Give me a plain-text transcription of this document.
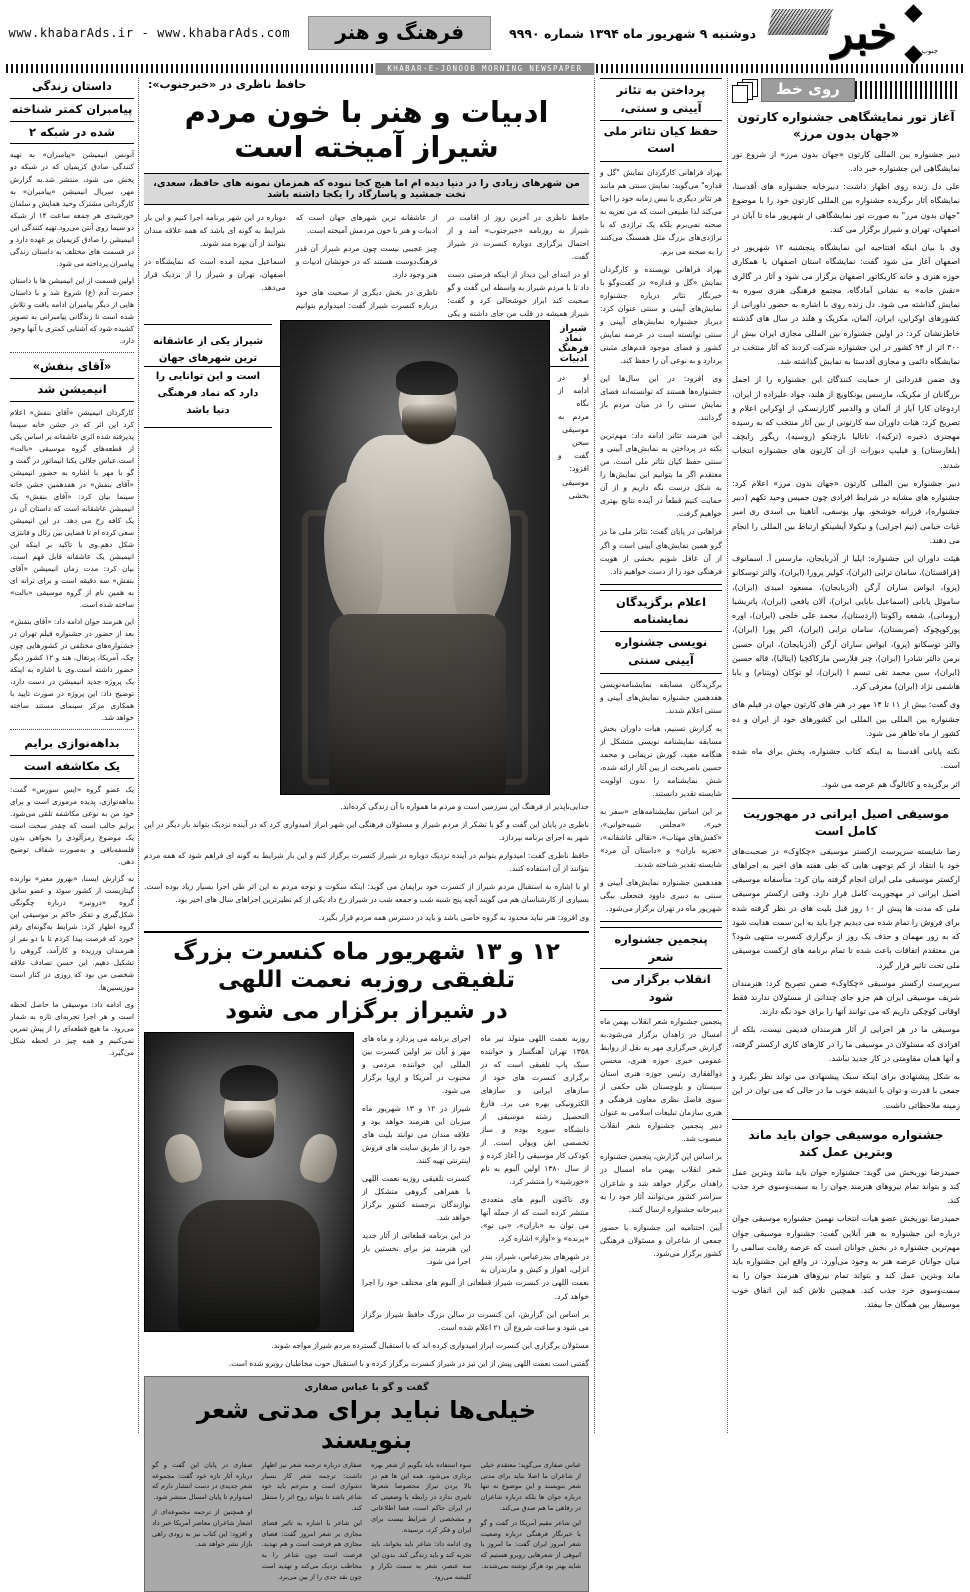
خبر	جنوب
دوشنبه ۹ شهریور ماه ۱۳۹۴ شماره ۹۹۹۰
فرهنگ و هنر
www.khabarAds.ir - www.khabarAds.com
KHABAR-E-JONOOB MORNING NEWSPAPER
روی خط
آغاز تور نمایشگاهی جشنواره کارتون «جهان بدون مرز»

دبیر جشنواره بین المللی کارتون «جهان بدون مرز» از شروع تور نمایشگاهی این جشنواره خبر داد.

علی دل زنده روی اظهار داشت: دبیرخانه جشنواره های آقدستا، نمایشگاه آثار برگزیده جشنواره بین المللی کارتون خود را با موضوع "جهان بدون مرز" به صورت تور نمایشگاهی از شهریور ماه تا آبان در اصفهان، تهران و شیراز برگزار می کند.

وی با بیان اینکه افتتاحیه این نمایشگاه پنجشنبه ۱۲ شهریور در اصفهان آغاز می شود گفت: نمایشگاه استان اصفهان با همکاری حوزه هنری و خانه کاریکاتور اصفهان برگزار می شود و آثار در گالری «نقش خانه» به نشانی آمادگاه، مجتمع فرهنگی هنری سوره به نمایش گذاشته می شود. دل زنده روی با اشاره به حضور داورانی از کشورهای اوکراین، ایران، آلمان، مکزیک و هلند در سال های گذشته خاطرنشان کرد: در اولین جشنواره بین المللی مجازی ایران بیش از ۳۰۰ اثر از ۹۴ کشور در این جشنواره شرکت کردند که آثار منتخب در نمایشگاه دائمی و مجازی آقدستا به نمایش گذاشته شد.

وی ضمن قدردانی از حمایت کنندگان این جشنواره را از اجمل بزرگانان از مکریک، مارسس یونکاویچ از هلند، جواد علیزاده از ایران، اردوغان کارا آیاز از آلمان و والدمیر گازارنسکی از اوکراین اعلام و تصریح کرد: هیات داوران سه کارتونی از بین آثار منتخب که به رسیده مهجتری ذخیره (ترکیه)، ناتالیا بارچنکو (روسیه)، ریگور رایچف (بلغارستان) و فیلیپ دیورات از آن کارتون های جشنواره انتخاب شدند.

دبیر جشنواره بین المللی کارتون «جهان بدون مرز» اعلام کرد: جشنواره های مشابه در شرایط افرادی چون جمیس وحید تکهم (دبیر جشنواره)، فرزانه خوشخو، بهار یوسفی، آناهیتا بی اسدی ری امیر غیاث خیامی (تیم اجرایی) و نیکولا آیشینکو ارتباط بین المللی را انجام می دهند.

هیئت داوران این جشنواره: ایلیا از آذربایجان، مارسس آ. اسمانوف (قزاقستان)، سامان ترابی (ایران)، کولیر پرورا (ایران)، والتر توسکانو (پرو)، ایواس ساران آرگن (آذربایجان)، مسعود امیدی (ایران)، ساموئل یابانی (اسماعیل بابایی ایران)، آلان یافعی (ایران)، پاتریشیا (رومانی)، شفعه راکونتا (اردستان)، محمد علی خلجی (ایران)، اوره پورکوپچوک (صربستان)، سامان ترابی (ایران)، اکبر پورا (ایران)، والتر توسکانو (پرو)، ایواس ساران آرگن (آذربایجان)، ایران حسین برمن دالتر شادرا (ایران)، چنر فلارسن مارکاکچیا (ایتالیا)، قاله حسین (ایران)، سین محمد تقی تبسم ا (ایران)، لو توکان (ویتنام) و بابا هاشمی نژاد (ایران) معرفی کرد.

وی گفت: بیش از ۱۱ تا ۱۴ مهر در هنر های کارتون جهان در فیلم های جشنواره بین المللی بین المللی این کشورهای خود از ایران و ده کشور از ماه ظاهر می شود.

نکته پایانی آقدستا به اینکه کتاب جشنواره، پخش برای ماه شده است.

اثر برگزیده و کاتالوگ هم عرضه می شود.

موسیقی اصیل ایرانی در مهجوریت کامل است

رضا شایسته سرپرست ارکستر موسیقی «چکاوک» در صحبت‌های خود با انتقاد از کم توجهی هایی که طی هفته های اخیر به اجراهای ارکستر موسیقی ملی ایران انجام گرفته بیان کرد: متأسفانه موسیقی اصیل ایرانی در مهجوریت کامل قرار دارد. وقتی ارکستر موسیقی ملی که مدت ها پیش از ۱۰ روز قبل بلیت های در نظر گرفته شده برای فروش را تمام شده می دیدیم چرا باید به این سمت هدایت شود که به زور مهمان و حذف یک روز از برگزاری کنسرت منتهی شود؟ من معتقدم اتفاقات باعث شده تا تمام برنامه های ارکست موسیقی ملی تحت تاثیر قرار گیرد.

سرپرست ارکستر موسیقی «چکاوک» ضمن تصریح کرد: هنرمندان شریف موسیقی ایران هم جزو جای چندانی از مسئولان ندارند فقط اوقاتی کوچکی داریم که می توانند آنها را برای خود نگه دارند.

موسیقی ما در هر اجرایی از آثار هنرمندان قدیمی نیست، بلکه از افرادی که مسئولان در موسیقی ما را در کارهای کاری ارکستر گرفته، و آنها همان مقاومتی در کار جدید نباشد.

به شکل پیشنهادی برای اینکه سبک پیشنهادی می تواند نظر بگیرد و جمعی با قدرت و توان با اندیشه خوب ما در حالی که می توان در این زمینه ملاحظاتی داشت.

جشنواره موسیقی جوان باید ماند وبترین عمل کند

حمیدرضا نوربخش می گوید: جشنواره جوان باید مانند وبترین عمل کند و بتواند تمام نیروهای هنرمند جوان را به سمت‌وسوی خرد جذب کند.

حمیدرضا نوربخش عضو هیات انتخاب نهمین جشنواره موسیقی جوان درباره این جشنواره به هنر آنلاین گفت: جشنواره موسیقی جوان مهم‌ترین جشنواره در بخش جوانان است که عرصه رقابت سالمی را میان جوانان عرصه هنر به وجود می‌آورد. در واقع این جشنواره باید ماند وبترین عمل کند و بتواند تمام نیروهای هنرمند جوان را به سمت‌وسوی خرد جذب کند. همچنین تلاش کند این اتفاق خوب موسیقار بین همگان جا بیفتد.

پرداختن به تئاتر آیینی و سنتی،
حفظ کیان تئاتر ملی است

بهزاد فراهانی کارگردان نمایش "گل و قداره" می‌گوید: نمایش سنتی هم مانند هر تئاتر دیگری با نبض زمانه خود را احیا می‌کند لذا طبیعی است که من تعزیه به صحنه نمی‌برم بلکه یک تراژدی که با تراژدی‌های بزرگ مثل همسنگ می‌کنند را به صحنه می برم.

بهزاد فراهانی نویسنده و کارگردان نمایش «گل و قداره» در گفت‌وگو با خبرنگار تئاتر درباره جشنواره نمایش‌های آیینی و سنتی عنوان کرد: دیرباز جشنواره نمایش‌های آیینی و سنتی توانسته است در عرصه نمایش کشور و فضای موجود قدم‌های مثبتی بردارد و به نوعی آن را حفظ کند.

وی افزود: در این سال‌ها این جشنواره‌ها هستند که توانسته‌اند فضای نمایش سنتی را در میان مردم باز گردانند.

این هنرمند تئاتر ادامه داد: مهم‌ترین نکته در پرداختن به نمایش‌های آیینی و سنتی حفظ کیان تئاتر ملی است. من معتقدم اگر ما بتوانیم این نمایش‌ها را به شکل درست نگه داریم و از آن حمایت کنیم قطعاً در آینده نتایج بهتری خواهیم گرفت.

فراهانی در پایان گفت: تئاتر ملی ما در گرو همین نمایش‌های آیینی است و اگر از آن غافل شویم بخشی از هویت فرهنگی خود را از دست خواهیم داد.

اعلام برگزیدگان نمایشنامه
نویسی جشنواره آیینی سنتی

برگزیدگان مسابقه نمایشنامه‌نویسی هفدهمین جشنواره نمایش‌های آیینی و سنتی اعلام شدند.

به گزارش تسنیم، هیات داوران بخش مسابقه نمایشنامه نویسی متشکل از هنگامه مفید، کورش نریمانی و محمد حسین ناصربخت از بین آثار ارائه شده، شش نمایشنامه را بدون اولویت شایسته تقدیر دانستند.

بر این اساس نمایشنامه‌های «سفر به خیر»، «مجلس شبیه‌خوانی»، «کفش‌های مهتاب»، «نقالی عاشقانه»، «تعزیه باران» و «داستان آن مرد» شایسته تقدیر شناخته شدند.

هفدهمین جشنواره نمایش‌های آیینی و سنتی به دبیری داوود فتحعلی بیگی شهریور ماه در تهران برگزار می‌شود.

پنجمین جشنواره شعر
انقلاب برگزار می شود

پنجمین جشنواره شعر انقلاب بهمن ماه امسال در زاهدان برگزار می‌شود.به گزارش خبرگزاری مهر به نقل از روابط عمومی خبری حوزه هنری، محسن ذوالفقاری رئیس حوزه هنری استان سیستان و بلوچستان طی حکمی از سوی فاضل نظری معاون فرهنگی و هنری سازمان تبلیغات اسلامی به عنوان دبیر پنجمین جشنواره شعر انقلاب منصوب شد.

بر اساس این گزارش، پنجمین جشنواره شعر انقلاب بهمن ماه امسال در زاهدان برگزار خواهد شد و شاعران سراسر کشور می‌توانند آثار خود را به دبیرخانه جشنواره ارسال کنند.

آیین اختتامیه این جشنواره با حضور جمعی از شاعران و مسئولان فرهنگی کشور برگزار می‌شود.

حافظ ناظری در «خبرجنوب»:
ادبیات و هنر با خون مردم شیراز آمیخته است
من شهرهای زیادی را در دنیا دیده ام اما هیچ کجا نبوده که همزمان نمونه های حافظ، سعدی، تخت جمشید و پاسارگاد را یکجا داشته باشد

حافظ ناظری در آخرین روز از اقامت در شیراز به روزنامه «خبرجنوب» آمد و از احتمال برگزاری دوباره کنسرت در شیراز گفت.

او در ابتدای این دیدار از اینکه فرصتی دست داد تا با مردم شیراز به واسطه این گفت و گو صحبت کند ابراز خوشحالی کرد و گفت: شیراز همیشه در قلب من جای داشته و یکی از عاشقانه ترین شهرهای جهان است که ادبیات و هنر با خون مردمش آمیخته است.

چیز عجیبی نیست چون مردم شیراز آن قدر فرهنگ‌دوست هستند که در خونشان ادبیات و هنر وجود دارد.

ناظری در بخش دیگری از صحبت های خود درباره کنسرت شیراز گفت: امیدوارم بتوانیم دوباره در این شهر برنامه اجرا کنیم و این بار شرایط به گونه ای باشد که همه علاقه مندان بتوانند از آن بهره مند شوند.

اسماعیل مجید آمده است که نمایشگاه در اصفهان، تهران و شیراز را از نزدیک قرار می‌دهد.

شیراز یکی از عاشقانه ترین شهرهای جهان است و این توانایی را دارد که نماد فرهنگی دنیا باشد
شیراز نماد فرهنگ ادبیات

او در ادامه از نگاه مردم به موسیقی سخن گفت و افزود: موسیقی بخشی جدایی‌ناپذیر از فرهنگ این سرزمین است و مردم ما همواره با آن زندگی کرده‌اند.

ناظری در پایان این گفت و گو با تشکر از مردم شیراز و مسئولان فرهنگی این شهر ابراز امیدواری کرد که در آینده نزدیک بتواند بار دیگر در این شهر به اجرای برنامه بپردازد.

حافظ ناظری گفت: امیدوارم بتوانم در آینده نزدیک دوباره در شیراز کنسرت برگزار کنم و این بار شرایط به گونه ای فراهم شود که همه مردم بتوانند از آن استفاده کنند.

او با اشاره به استقبال مردم شیراز از کنسرت خود برایمان می گوید: اینکه سکوت و توجه مردم به این اثر طی اجرا بسیار زیاد بوده است. بسیاری از کارشناسان هم می گویند آنچه پنج شنبه شب و جمعه شب در شیراز رخ داد یکی از کم نظیرترین اجراهای سال های اخیر بود.

وی افزود: هنر نباید محدود به گروه خاصی باشد و باید در دسترس همه مردم قرار بگیرد.

۱۲ و ۱۳ شهریور ماه کنسرت بزرگ تلفیقی روزبه نعمت اللهی
در شیراز برگزار می شود

روزبه نعمت اللهی متولد تیر ماه ۱۳۵۸ تهران آهنگساز و خواننده سبک پاپ تلفیقی است که در برگزاری کنسرت های خود از سازهای ایرانی و سازهای الکترونیکی بهره می برد. فارغ التحصیل رشته موسیقی از دانشگاه سوره بوده و ساز تخصصی اش ویولن است. از کودکی کار موسیقی را آغاز کرده و از سال ۱۳۸۰ اولین آلبوم به نام «خورشید» را منتشر کرد.

وی تاکنون آلبوم های متعددی منتشر کرده است که از جمله آنها می توان به «باران»، «بی تو»، «پرنده» و «آواز» اشاره کرد.

در شهرهای بندرعباس، شیراز، بندر انزلی، اهواز و کیش و مازندران به اجرای برنامه می پردازد و ماه های مهر و آبان نیز اولین کنسرت بین المللی این خواننده مردمی و محبوب در آمریکا و اروپا برگزار می شود.

شیراز در ۱۲ و ۱۳ شهریور ماه میزبان این هنرمند خواهد بود و علاقه مندان می توانند بلیت های خود را از طریق سایت های فروش اینترنتی تهیه کنند.

کنسرت تلفیقی روزبه نعمت اللهی با همراهی گروهی متشکل از نوازندگان برجسته کشور برگزار خواهد شد.

در این برنامه قطعاتی از آثار جدید این هنرمند نیز برای نخستین بار اجرا می شود.

نعمت اللهی در کنسرت شیراز قطعاتی از آلبوم های مختلف خود را اجرا خواهد کرد.

بر اساس این گزارش، این کنسرت در سالن بزرگ حافظ شیراز برگزار می شود و ساعت شروع آن ۲۱ اعلام شده است.

مسئولان برگزاری این کنسرت ابراز امیدواری کرده اند که با استقبال گسترده مردم شیراز مواجه شوند.

گفتنی است نعمت اللهی پیش از این نیز در شیراز کنسرت برگزار کرده و با استقبال خوب مخاطبان روبرو شده است.

گفت و گو با عباس صفاری
خیلی‌ها نباید برای مدتی شعر بنویسند

عباس صفاری می‌گوید: معتقدم خیلی از شاعران ما اصلا نباید برای مدتی شعر بنویسند و این موضوع نه تنها درباره جوان ها بلکه درباره شاعران در رفاهی ما هم صدق می‌کند.

این شاعر مقیم آمریکا در گفت و گو با خبرنگار فرهنگی درباره وضعیت شعر امروز ایران گفت: ما امروز با انبوهی از شعرهایی روبرو هستیم که شاید بهتر بود هرگز نوشته نمی‌شدند.

سوء استفاده باید بگویم از شعر بهره برداری می‌شود. همه این ها هم در بالا بردن تیراژ محصوصا شعرها تاثیری ندارد در رابطه با وضعیتی که در ایران حاکم است، فضا اطلاعاتی و مشخصی از شرایط نیست برای ایران و فکر کرد، نرسیده.

وی ادامه داد: شاعر باید بخواند، باید تجربه کند و باید زندگی کند. بدون این سه عنصر، شعر به سمت تکرار و کلیشه می‌رود.

صفاری درباره ترجمه شعر نیز اظهار داشت: ترجمه شعر کار بسیار دشواری است و مترجم باید خود شاعر باشد تا بتواند روح اثر را منتقل کند.

این شاعر با اشاره به تاثیر فضای مجازی بر شعر امروز گفت: فضای مجازی هم فرصت است و هم تهدید. فرصت است چون شاعر را به مخاطب نزدیک می‌کند و تهدید است چون نقد جدی را از بین می‌برد.

صفاری در پایان این گفت و گو درباره آثار تازه خود گفت: مجموعه شعر جدیدی در دست انتشار دارم که امیدوارم تا پایان امسال منتشر شود.

او همچنین از ترجمه مجموعه‌ای از اشعار شاعران معاصر آمریکا خبر داد و افزود: این کتاب نیز به زودی راهی بازار نشر خواهد شد.

داستان زندگی
پیامبران کمتر شناخته
شده در شبکه ۲

آنونس انیمیشن «پیامبران» به تهیه کنندگی صادق کریمیان که در شبکه دو پخش می شود، منتشر شد.به گزارش مهر، سریال انیمیشن «پیامبران» به کارگردانی مشترک وحید همایش و سلمان خورشیدی هر جمعه ساعت ۱۴ از شبکه دو سیما روی آنتن می‌رود.تهیه کنندگی این انیمیشن را صادق کریمیان بر عهده دارد و در قسمت های مختلف به داستان زندگی پیامبران پرداخته می شود.

اولین قسمت از این انیمیشن ها با داستان حضرت آدم (ع) شروع شد و با داستان هایی از دیگر پیامبران ادامه یافت و تلاش شده است تا زندگانی پیامبرانی به تصویر کشیده شود که آشنایی کمتری با آنها وجود دارد.

«آقای بنفش»
انیمیشن شد

کارگردان انیمیشن «آقای بنفش» اعلام کرد این اثر که در جشن خانه سینما پذیرفته شده اثری عاشقانه بر اساس یکی از قطعه‌های گروه موسیقی «بالت» است.عباس جلالی یکتا انیماتور در گفت و گو با مهر با اشاره به حضور انیمیشن «آقای بنفش» در هفدهمین جشن خانه سینما بیان کرد: «آقای بنفش» یک انیمیشن عاشقانه است که داستان آن در یک کافه رخ می دهد. در این انیمیشن سعی کرده ام تا فضایی بین رئال و فانتزی شکل دهم.وی با تاکید بر اینکه این انیمیشن یک عاشقانه قابل فهم است، بیان کرد: مدت زمان انیمیشن «آقای بنفش» سه دقیقه است و برای ترانه ای به همین نام از گروه موسیقی «بالت» ساخته شده است.

این هنرمند جوان ادامه داد: «آقای بنفش» بعد از حضور در جشنواره فیلم تهران در جشنواره‌های مختلفی در کشورهایی چون چک، آمریکا، پرتغال، هند و ۱۲ کشور دیگر حضور داشته است.وی با اشاره به اینکه یک پروژه جدید انیمیشن در دست دارد، توضیح داد: این پروژه در صورت تایید با همکاری مرکز سینمای مستند ساخته خواهد شد.

بداهه‌نوازی برایم
یک مکاشفه است

یک عضو گروه «ایس سورس» گفت: بداهه‌نوازی، پدیده مرموزی است و برای خود من به نوعی مکاشفه تلقی می‌شود. برایم جالب است که چقدر سخت است یک موضوع رمزآلودی را بخواهی بدون فلسفه‌بافی و به‌صورت شفاف توضیح دهی.

به گزارش ایسنا، «بهروز معبر» نوازنده گیتاریست از کشور سوئد و عضو سابق گروه «درونیز» درباره چگونگی شکل‌گیری و تفکر حاکم بر موسیقی این گروه اظهار کرد: شرایط به‌گونه‌ای رقم خورد که فرصت پیدا کردم تا با دو نفر از هنرمندان ورزیده و کارآمد، گروهی را تشکیل دهیم. این حسن تصادف علاقه شخصی من بود که روزی در کنار است موزیسین‌ها.

وی ادامه داد: موسیقی ما حاصل لحظه است و هر اجرا تجربه‌ای تازه به شمار می‌رود. ما هیچ قطعه‌ای را از پیش تمرین نمی‌کنیم و همه چیز در لحظه شکل می‌گیرد.
